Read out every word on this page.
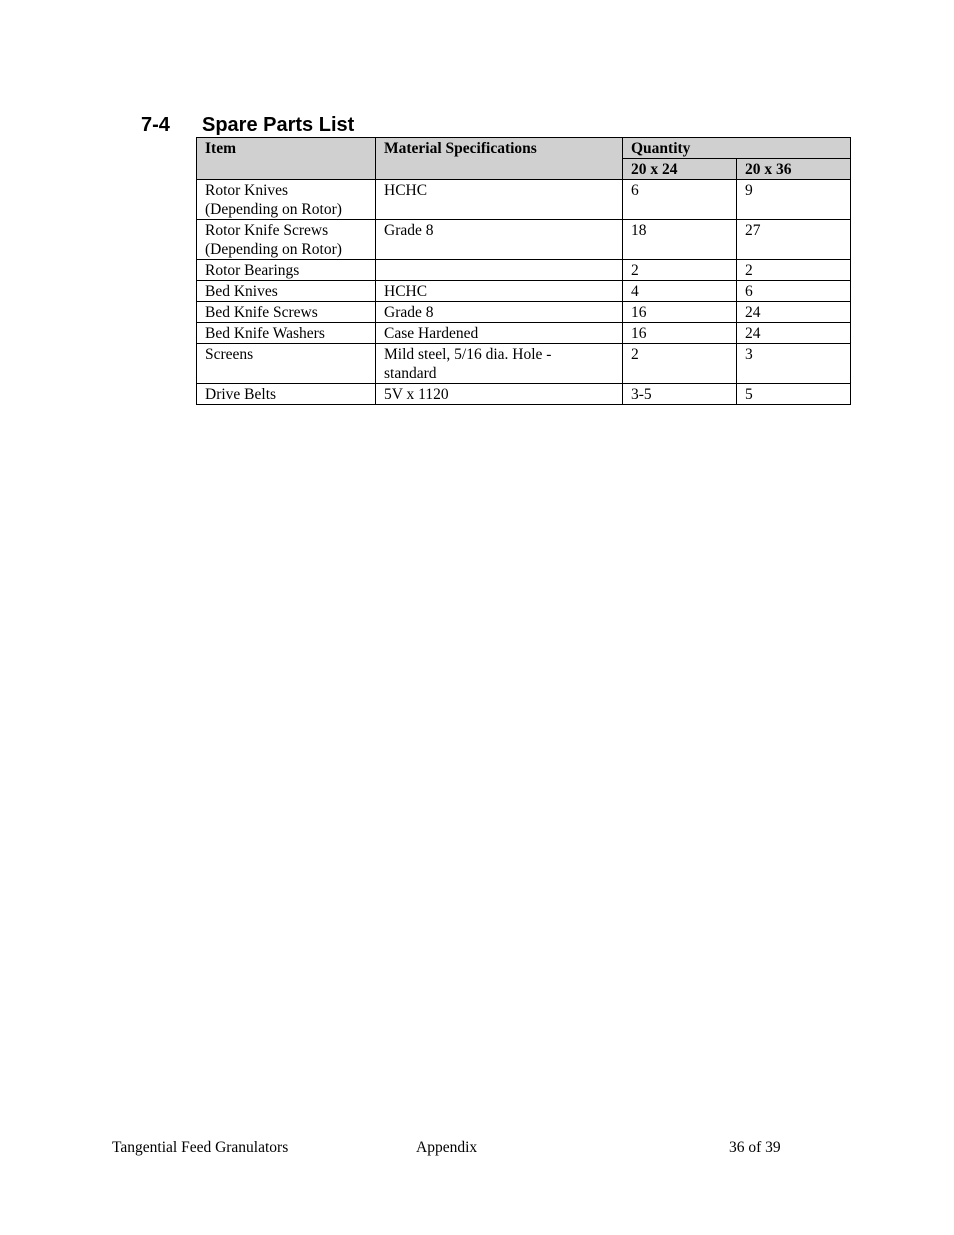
7-4 Spare Parts List
Item	Material Specifications	Quantity	
		20 x 24	20 x 36

Rotor Knives
(Depending on Rotor)	HCHC	6	9

Rotor Knife Screws
(Depending on Rotor)	Grade 8	18	27
Rotor Bearings		2	2
Bed Knives	HCHC	4	6
Bed Knife Screws	Grade 8	16	24
Bed Knife Washers	Case Hardened	16	24
Screens	Mild steel, 5/16 dia. Hole -
standard	2	3
Drive Belts	5V x 1120	3-5	5
Tangential Feed Granulators	Appendix	36 of 39
